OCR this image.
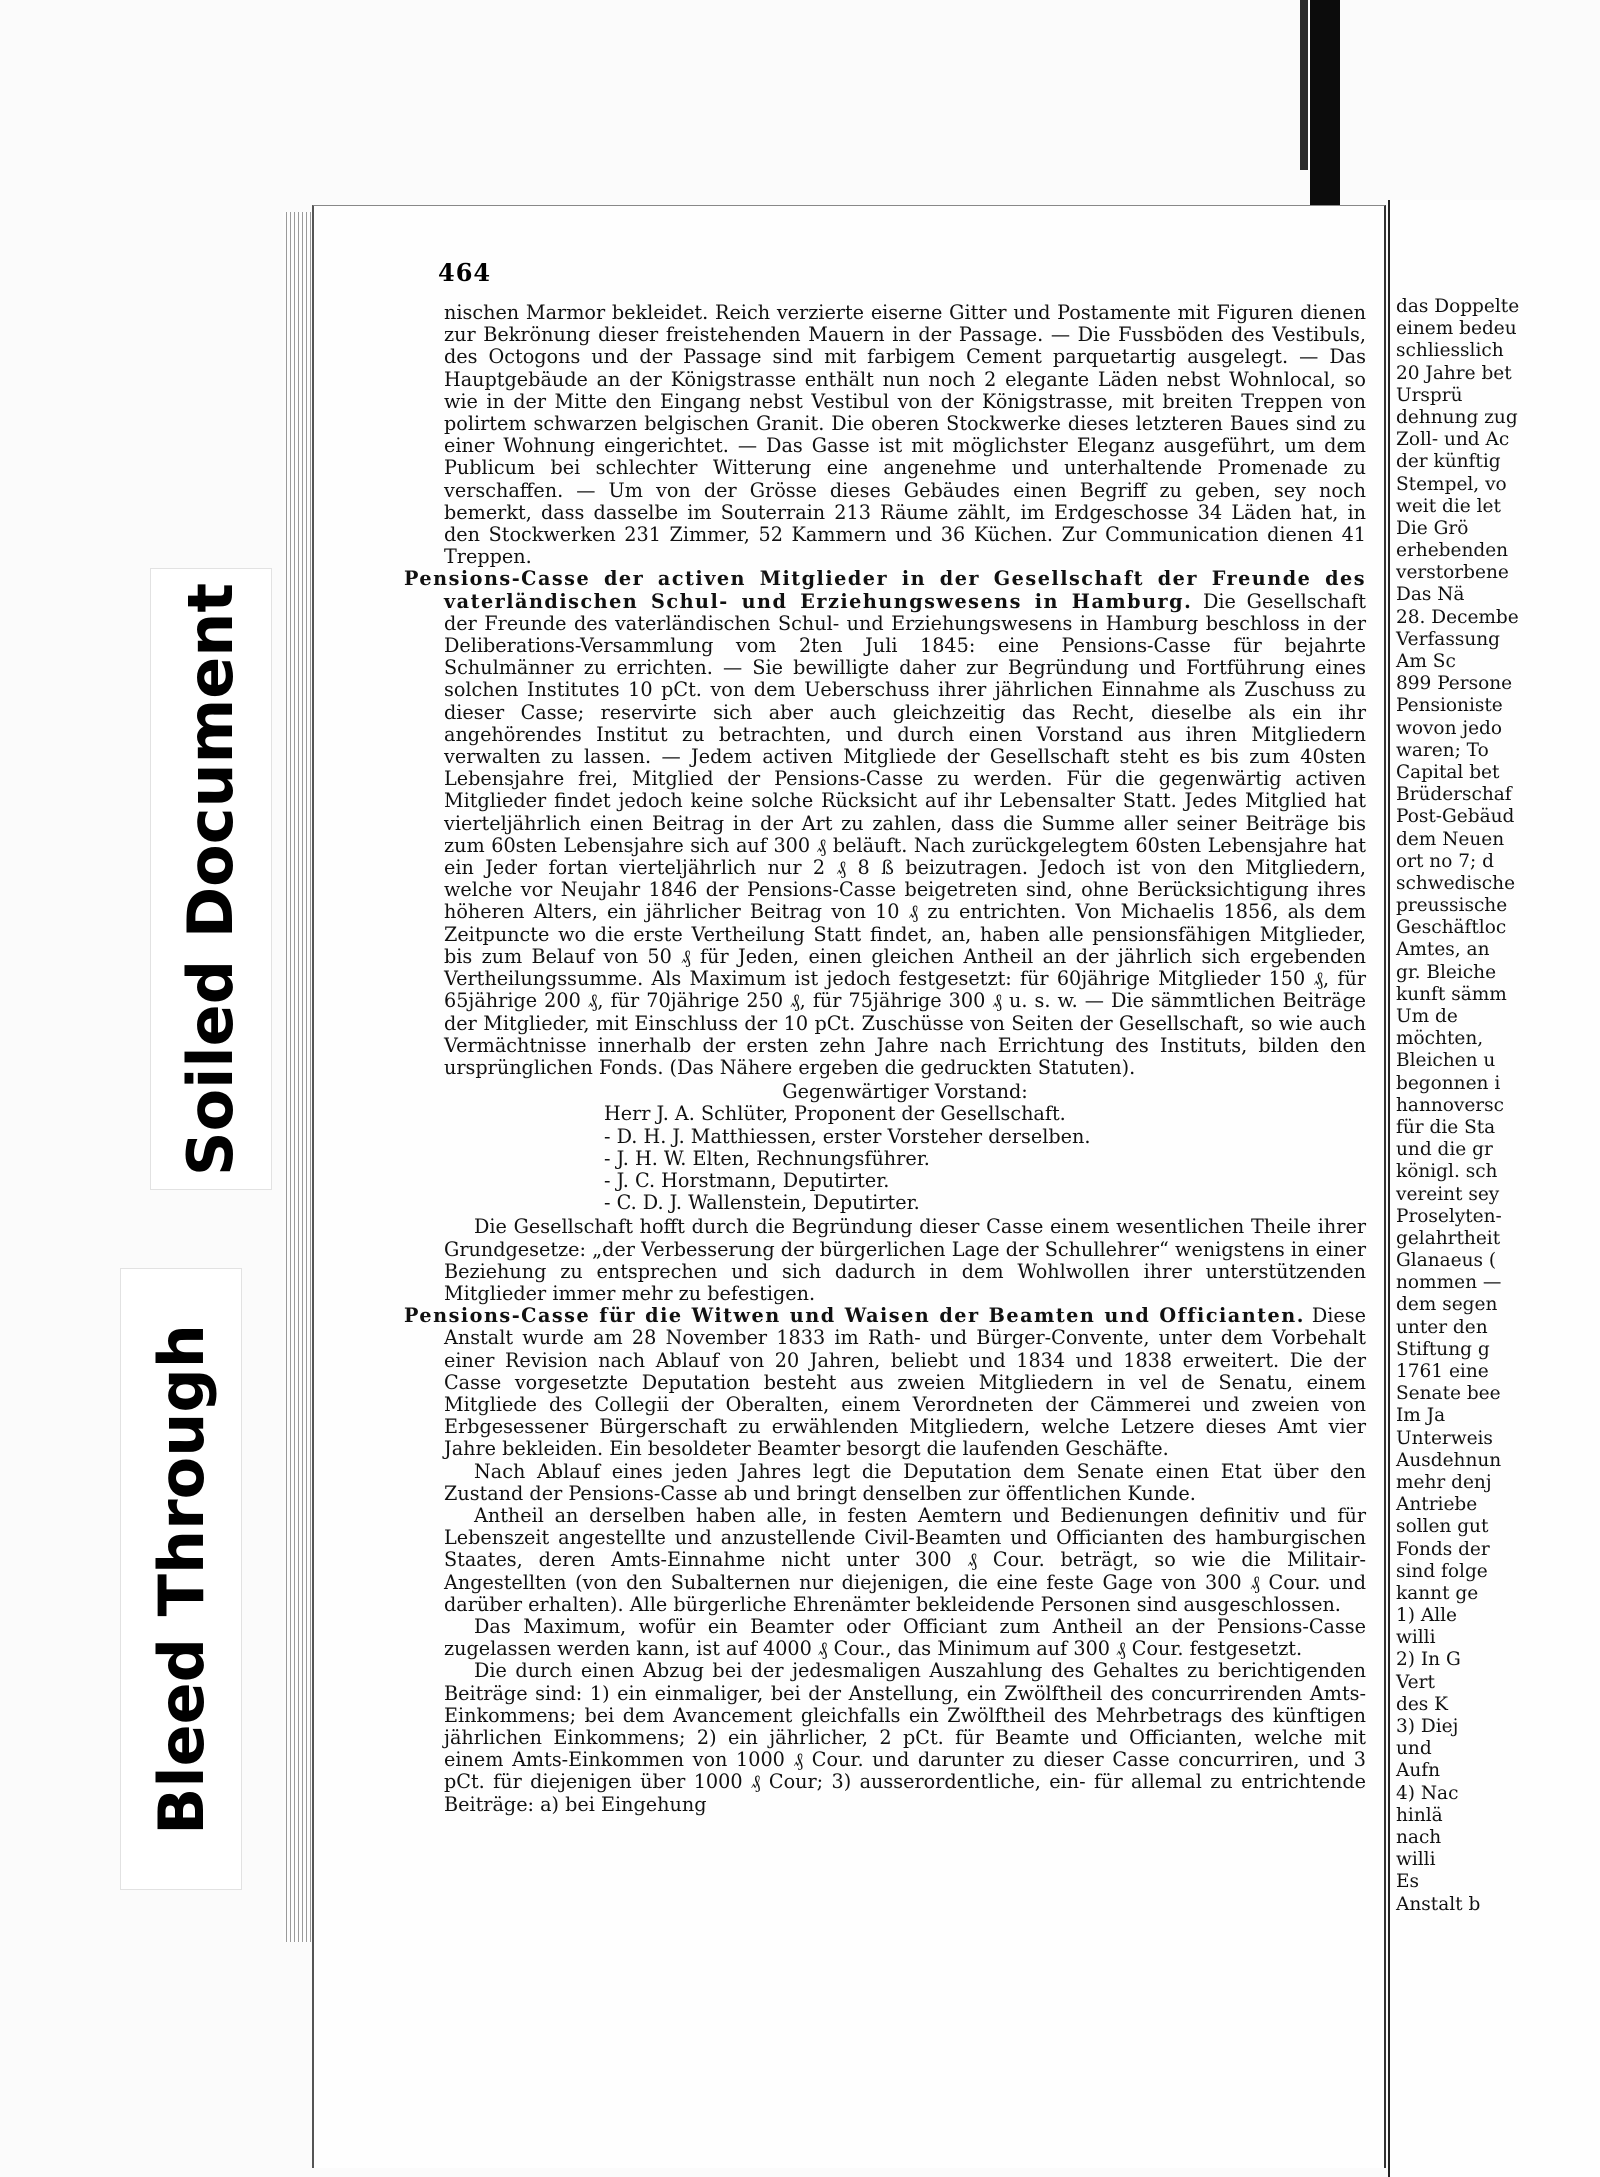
464

nischen Marmor bekleidet. Reich verzierte eiserne Gitter und Postamente mit Figuren dienen zur Bekrönung dieser freistehenden Mauern in der Passage. — Die Fussböden des Vestibuls, des Octogons und der Passage sind mit farbigem Cement parquetartig ausgelegt. — Das Hauptgebäude an der Königstrasse enthält nun noch 2 elegante Läden nebst Wohnlocal, so wie in der Mitte den Eingang nebst Vestibul von der Königstrasse, mit breiten Treppen von polirtem schwarzen belgischen Granit. Die oberen Stockwerke dieses letzteren Baues sind zu einer Wohnung eingerichtet. — Das Gasse ist mit möglichster Eleganz ausgeführt, um dem Publicum bei schlechter Witterung eine angenehme und unterhaltende Promenade zu verschaffen. — Um von der Grösse dieses Gebäudes einen Begriff zu geben, sey noch bemerkt, dass dasselbe im Souterrain 213 Räume zählt, im Erdgeschosse 34 Läden hat, in den Stockwerken 231 Zimmer, 52 Kammern und 36 Küchen. Zur Communication dienen 41 Treppen.

Pensions-Casse der activen Mitglieder in der Gesellschaft der Freunde des vaterländischen Schul- und Erziehungswesens in Hamburg. Die Gesellschaft der Freunde des vaterländischen Schul- und Erziehungswesens in Hamburg beschloss in der Deliberations-Versammlung vom 2ten Juli 1845: eine Pensions-Casse für bejahrte Schulmänner zu errichten. — Sie bewilligte daher zur Begründung und Fortführung eines solchen Institutes 10 pCt. von dem Ueberschuss ihrer jährlichen Einnahme als Zuschuss zu dieser Casse; reservirte sich aber auch gleichzeitig das Recht, dieselbe als ein ihr angehörendes Institut zu betrachten, und durch einen Vorstand aus ihren Mitgliedern verwalten zu lassen. — Jedem activen Mitgliede der Gesellschaft steht es bis zum 40sten Lebensjahre frei, Mitglied der Pensions-Casse zu werden. Für die gegenwärtig activen Mitglieder findet jedoch keine solche Rücksicht auf ihr Lebensalter Statt. Jedes Mitglied hat vierteljährlich einen Beitrag in der Art zu zahlen, dass die Summe aller seiner Beiträge bis zum 60sten Lebensjahre sich auf 300 ₰ beläuft. Nach zurückgelegtem 60sten Lebensjahre hat ein Jeder fortan vierteljährlich nur 2 ₰ 8 ß beizutragen. Jedoch ist von den Mitgliedern, welche vor Neujahr 1846 der Pensions-Casse beigetreten sind, ohne Berücksichtigung ihres höheren Alters, ein jährlicher Beitrag von 10 ₰ zu entrichten. Von Michaelis 1856, als dem Zeitpuncte wo die erste Vertheilung Statt findet, an, haben alle pensionsfähigen Mitglieder, bis zum Belauf von 50 ₰ für Jeden, einen gleichen Antheil an der jährlich sich ergebenden Vertheilungssumme. Als Maximum ist jedoch festgesetzt: für 60jährige Mitglieder 150 ₰, für 65jährige 200 ₰, für 70jährige 250 ₰, für 75jährige 300 ₰ u. s. w. — Die sämmtlichen Beiträge der Mitglieder, mit Einschluss der 10 pCt. Zuschüsse von Seiten der Gesellschaft, so wie auch Vermächtnisse innerhalb der ersten zehn Jahre nach Errichtung des Instituts, bilden den ursprünglichen Fonds. (Das Nähere ergeben die gedruckten Statuten).

Gegenwärtiger Vorstand:
Herr J. A. Schlüter, Proponent der Gesellschaft.
- D. H. J. Matthiessen, erster Vorsteher derselben.
- J. H. W. Elten, Rechnungsführer.
- J. C. Horstmann, Deputirter.
- C. D. J. Wallenstein, Deputirter.

Die Gesellschaft hofft durch die Begründung dieser Casse einem wesentlichen Theile ihrer Grundgesetze: „der Verbesserung der bürgerlichen Lage der Schullehrer“ wenigstens in einer Beziehung zu entsprechen und sich dadurch in dem Wohlwollen ihrer unterstützenden Mitglieder immer mehr zu befestigen.

Pensions-Casse für die Witwen und Waisen der Beamten und Officianten. Diese Anstalt wurde am 28 November 1833 im Rath- und Bürger-Convente, unter dem Vorbehalt einer Revision nach Ablauf von 20 Jahren, beliebt und 1834 und 1838 erweitert. Die der Casse vorgesetzte Deputation besteht aus zweien Mitgliedern in vel de Senatu, einem Mitgliede des Collegii der Oberalten, einem Verordneten der Cämmerei und zweien von Erbgesessener Bürgerschaft zu erwählenden Mitgliedern, welche Letzere dieses Amt vier Jahre bekleiden. Ein besoldeter Beamter besorgt die laufenden Geschäfte.

Nach Ablauf eines jeden Jahres legt die Deputation dem Senate einen Etat über den Zustand der Pensions-Casse ab und bringt denselben zur öffentlichen Kunde.

Antheil an derselben haben alle, in festen Aemtern und Bedienungen definitiv und für Lebenszeit angestellte und anzustellende Civil-Beamten und Officianten des hamburgischen Staates, deren Amts-Einnahme nicht unter 300 ₰ Cour. beträgt, so wie die Militair-Angestellten (von den Subalternen nur diejenigen, die eine feste Gage von 300 ₰ Cour. und darüber erhalten). Alle bürgerliche Ehrenämter bekleidende Personen sind ausgeschlossen.

Das Maximum, wofür ein Beamter oder Officiant zum Antheil an der Pensions-Casse zugelassen werden kann, ist auf 4000 ₰ Cour., das Minimum auf 300 ₰ Cour. festgesetzt.

Die durch einen Abzug bei der jedesmaligen Auszahlung des Gehaltes zu berichtigenden Beiträge sind: 1) ein einmaliger, bei der Anstellung, ein Zwölftheil des concurrirenden Amts-Einkommens; bei dem Avancement gleichfalls ein Zwölftheil des Mehrbetrags des künftigen jährlichen Einkommens; 2) ein jährlicher, 2 pCt. für Beamte und Officianten, welche mit einem Amts-Einkommen von 1000 ₰ Cour. und darunter zu dieser Casse concurriren, und 3 pCt. für diejenigen über 1000 ₰ Cour; 3) ausserordentliche, ein- für allemal zu entrichtende Beiträge: a) bei Eingehung

das Doppelte
einem bedeu
schliesslich
20 Jahre bet
Ursprü
dehnung zug
Zoll- und Ac
der künftig
Stempel, vo
weit die let
Die Grö
erhebenden
verstorbene
Das Nä
28. Decembe
Verfassung
Am Sc
899 Persone
Pensioniste
wovon jedo
waren; To
Capital bet
Brüderschaf
Post-Gebäud
dem Neuen
ort no 7; d
schwedische
preussische
Geschäftloc
Amtes, an
gr. Bleiche
kunft sämm
Um de
möchten,
Bleichen u
begonnen i
hannoversc
für die Sta
und die gr
königl. sch
vereint sey
Proselyten-
gelahrtheit
Glanaeus (
nommen —
dem segen
unter den
Stiftung g
1761 eine
Senate bee
Im Ja
Unterweis
Ausdehnun
mehr denj
Antriebe
sollen gut
Fonds der
sind folge
kannt ge
1) Alle
willi
2) In G
Vert
des K
3) Diej
und
Aufn
4) Nac
hinlä
nach
willi
Es
Anstalt b
Soiled Document
Bleed Through
